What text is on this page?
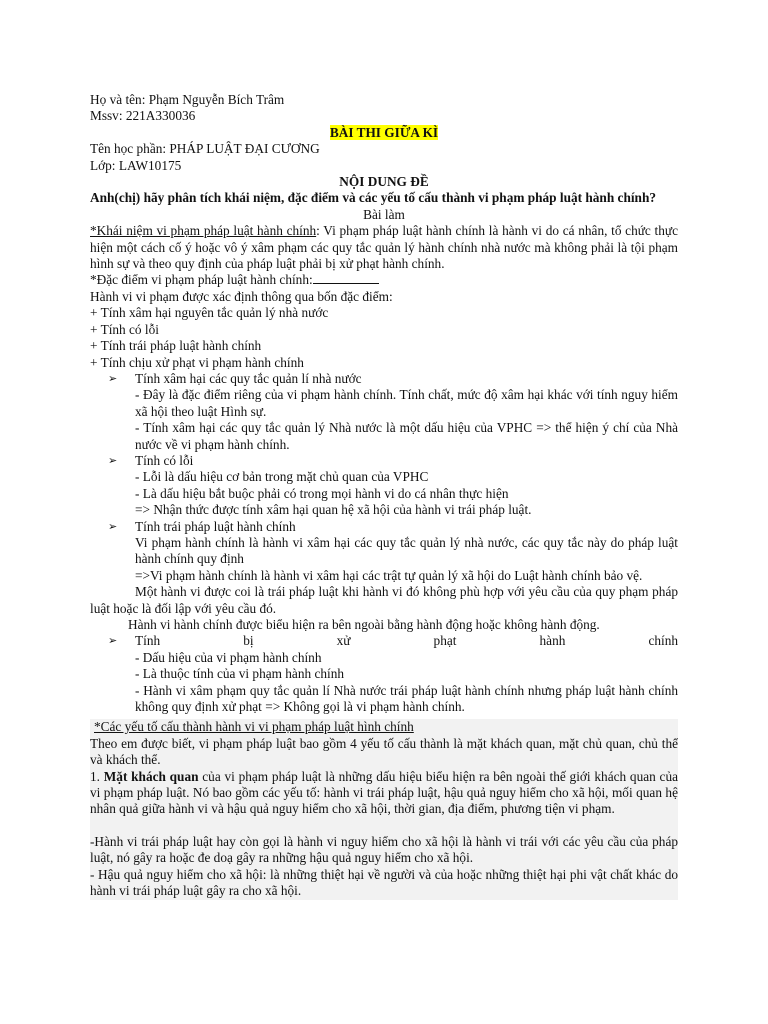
Họ và tên: Phạm Nguyễn Bích Trâm

Mssv: 221A330036

BÀI THI GIỮA KÌ

Tên học phần: PHÁP LUẬT ĐẠI CƯƠNG

Lớp: LAW10175

NỘI DUNG ĐỀ

Anh(chị) hãy phân tích khái niệm, đặc điểm và các yếu tố cấu thành vi phạm pháp luật hành chính?

Bài làm

*Khái niệm vi phạm pháp luật hành chính: Vi phạm pháp luật hành chính là hành vi do cá nhân, tổ chức thực hiện một cách cố ý hoặc vô ý xâm phạm các quy tắc quản lý hành chính nhà nước mà không phải là tội phạm hình sự và theo quy định của pháp luật phải bị xử phạt hành chính.

*Đặc điểm vi phạm pháp luật hành chính:

Hành vi vi phạm được xác định thông qua bốn đặc điểm:

+ Tính xâm hại nguyên tắc quản lý nhà nước

+ Tính có lỗi

+ Tính trái pháp luật hành chính

+ Tính chịu xử phạt vi phạm hành chính

➢	Tính xâm hại các quy tắc quản lí nhà nước

- Đây là đặc điểm riêng của vi phạm hành chính. Tính chất, mức độ xâm hại khác với tính nguy hiểm xã hội theo luật Hình sự.

- Tính xâm hại các quy tắc quản lý Nhà nước là một dấu hiệu của VPHC => thể hiện ý chí của Nhà nước về vi phạm hành chính.

➢	Tính có lỗi

- Lỗi là dấu hiệu cơ bản trong mặt chủ quan của VPHC

- Là dấu hiệu bắt buộc phải có trong mọi hành vi do cá nhân thực hiện

=> Nhận thức được tính xâm hại quan hệ xã hội của hành vi trái pháp luật.

➢	Tính trái pháp luật hành chính

Vi phạm hành chính là hành vi xâm hại các quy tắc quản lý nhà nước, các quy tắc này do pháp luật hành chính quy định

=>Vi phạm hành chính là hành vi xâm hại các trật tự quản lý xã hội do Luật hành chính bảo vệ.

Một hành vi được coi là trái pháp luật khi hành vi đó không phù hợp với yêu cầu của quy phạm pháp luật hoặc là đối lập với yêu cầu đó.

Hành vi hành chính được biểu hiện ra bên ngoài bằng hành động hoặc không hành động.

➢	Tính bị xử phạt hành chính

- Dấu hiệu của vi phạm hành chính

- Là thuộc tính của vi phạm hành chính

- Hành vi xâm phạm quy tắc quản lí Nhà nước trái pháp luật hành chính nhưng pháp luật hành chính không quy định xử phạt => Không gọi là vi phạm hành chính.

*Các yếu tố cấu thành hành vi vi phạm pháp luật hình chính

Theo em được biết, vi phạm pháp luật bao gồm 4 yếu tố cấu thành là mặt khách quan, mặt chủ quan, chủ thể và khách thể.

1. Mặt khách quan của vi phạm pháp luật là những dấu hiệu biểu hiện ra bên ngoài thế giới khách quan của vi phạm pháp luật. Nó bao gồm các yếu tố: hành vi trái pháp luật, hậu quả nguy hiểm cho xã hội, mối quan hệ nhân quả giữa hành vi và hậu quả nguy hiểm cho xã hội, thời gian, địa điểm, phương tiện vi phạm.

-Hành vi trái pháp luật hay còn gọi là hành vi nguy hiểm cho xã hội là hành vi trái với các yêu cầu của pháp luật, nó gây ra hoặc đe doạ gây ra những hậu quả nguy hiểm cho xã hội.

- Hậu quả nguy hiểm cho xã hội: là những thiệt hại về người và của hoặc những thiệt hại phi vật chất khác do hành vi trái pháp luật gây ra cho xã hội.
